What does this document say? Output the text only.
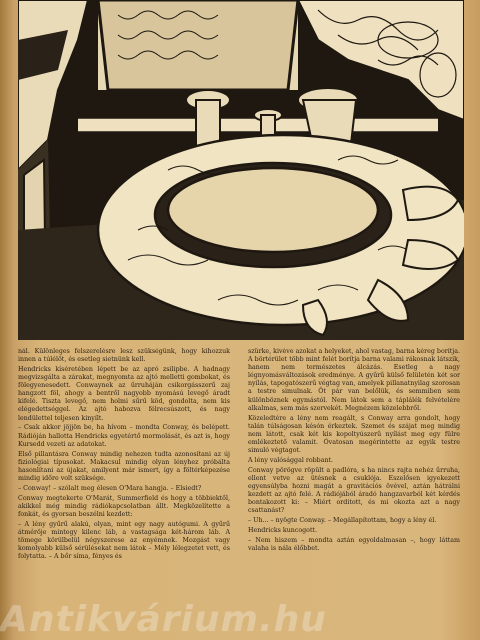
nál. Különleges felszerelésre lesz szükségünk, hogy kihozzuk innen a túlélőt, és esetleg sietnünk kell.

Hendricks kíséretében lépett be az apró zsilipbe. A hadnagy megvizsgálta a zárakat, megnyomta az ajtó melletti gombokat, és fölegyenesedett. Conwaynek az űrruháján csikorgásszerű zaj hangzott föl, ahogy a bentről nagyobb nyomású levegő áradt kifelé. Tiszta levegő, nem holmi sűrű köd, gondolta, nem kis elégedettséggel. Az ajtó habozva félrecsúszott, és nagy lendülettel teljesen kinyílt.

– Csak akkor jöjjön be, ha hívom – mondta Conway, és belépett. Rádióján hallotta Hendricks egyetértő mormolását, és azt is, hogy Kursedd vezeti az adatokat.

Első pillantásra Conway mindig nehezen tudta azonosítani az új fiziológiai típusokat. Makacsul mindig olyan lényhez próbálta hasonlítani az újakat, amilyent már ismert, így a föltérképezése mindig időre volt szüksége.

– Conway! – szólalt meg élesen O'Mara hangja. – Elsiedt?

Conway megtekerte O'Marát, Summerfield és hogy a többiektől, akikkel még mindig rádiókapcsolatban állt. Megközelítette a fonkát, és gyorsan beszélni kezdett:

– A lény gyűrű alakú, olyan, mint egy nagy autógumi. A gyűrű átmérője mintegy kilenc láb, a vastagsága két-három láb. A tömege körülbelül négyszerese az enyémnek. Mozgást vagy komolyabb külső sérülésekat nem látok – Mély lélegzetet vett, és folytatta. – A bőr síma, fényes és

szürke, kivéve azokat a helyeket, ahol vastag, barna kéreg borítja. A börtérület több mint felét borítja barna valami rákosnak látszik, hanem nem természetes álcázás. Esetleg a nagy légnyomásváltozások eredménye. A gyűrű külső felületén két sor nyílás, tapogatószerű végtag van, amelyek pillanatnyilag szorosan a testre simulnak. Öt pár van belőlük, és semmiben sem különböznek egymástól. Nem látok sem a táplálék felvételére alkalmas, sem más szervekét. Megnézem közelebbről.

Közeledtére a lény nem reagált, s Conway arra gondolt, hogy talán túlságosan késón érkeztek. Szemet és szájat meg mindig nem látott, csak két kis kopoltyúszerű nyílást meg egy fülre emlékeztető valamit. Óvatosan megérintette az egyik testre simuló végtagot.

A lény valósággal robbant.

Conway pörögve röpült a padlóra, s ha nincs rajta nehéz űrruha, ellent vetve az ütésnek a csuklója. Eszelősen igyekezett egyensúlyba hozni magát a gravitációs övével, aztán hátrálni kezdett az ajtó felé. A rádiójából áradó hangzavarból két kérdés bontakozott ki: – Miért orditott, és mi okozta azt a nagy csattanást?

– Uh... – nyögte Conway. – Megállapítottam, hogy a lény él.

Hendricks kuncogott.

– Nem hiszem – mondta aztán egyoldalmasan –, hogy láttam valaha is nála élőbbet.

Antikvárium.hu
